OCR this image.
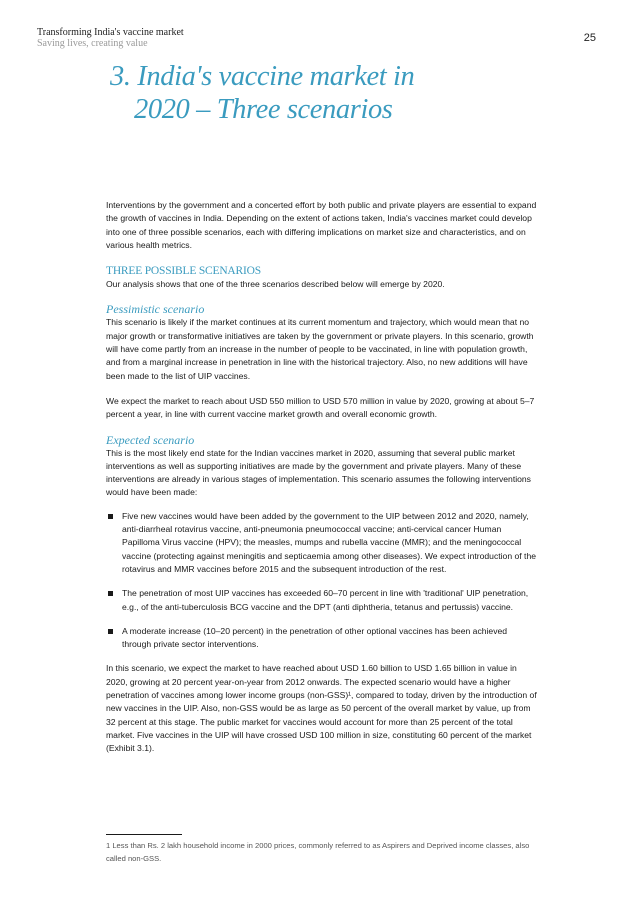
Transforming India's vaccine market
Saving lives, creating value	25
3. India's vaccine market in
2020 – Three scenarios

Interventions by the government and a concerted effort by both public and private players are essential to expand the growth of vaccines in India. Depending on the extent of actions taken, India's vaccines market could develop into one of three possible scenarios, each with differing implications on market size and characteristics, and on various health metrics.

THREE POSSIBLE SCENARIOS

Our analysis shows that one of the three scenarios described below will emerge by 2020.

Pessimistic scenario

This scenario is likely if the market continues at its current momentum and trajectory, which would mean that no major growth or transformative initiatives are taken by the government or private players. In this scenario, growth will have come partly from an increase in the number of people to be vaccinated, in line with population growth, and from a marginal increase in penetration in line with the historical trajectory. Also, no new additions will have been made to the list of UIP vaccines.

We expect the market to reach about USD 550 million to USD 570 million in value by 2020, growing at about 5–7 percent a year, in line with current vaccine market growth and overall economic growth.

Expected scenario

This is the most likely end state for the Indian vaccines market in 2020, assuming that several public market interventions as well as supporting initiatives are made by the government and private players. Many of these interventions are already in various stages of implementation. This scenario assumes the following interventions would have been made:

Five new vaccines would have been added by the government to the UIP between 2012 and 2020, namely, anti-diarrheal rotavirus vaccine, anti-pneumonia pneumococcal vaccine; anti-cervical cancer Human Papilloma Virus vaccine (HPV); the measles, mumps and rubella vaccine (MMR); and the meningococcal vaccine (protecting against meningitis and septicaemia among other diseases). We expect introduction of the rotavirus and MMR vaccines before 2015 and the subsequent introduction of the rest.
The penetration of most UIP vaccines has exceeded 60–70 percent in line with 'traditional' UIP penetration, e.g., of the anti-tuberculosis BCG vaccine and the DPT (anti diphtheria, tetanus and pertussis) vaccine.
A moderate increase (10–20 percent) in the penetration of other optional vaccines has been achieved through private sector interventions.

In this scenario, we expect the market to have reached about USD 1.60 billion to USD 1.65 billion in value in 2020, growing at 20 percent year-on-year from 2012 onwards. The expected scenario would have a higher penetration of vaccines among lower income groups (non-GSS)¹, compared to today, driven by the introduction of new vaccines in the UIP. Also, non-GSS would be as large as 50 percent of the overall market by value, up from 32 percent at this stage. The public market for vaccines would account for more than 25 percent of the total market. Five vaccines in the UIP will have crossed USD 100 million in size, constituting 60 percent of the market (Exhibit 3.1).

1 Less than Rs. 2 lakh household income in 2000 prices, commonly referred to as Aspirers and Deprived income classes, also called non-GSS.
